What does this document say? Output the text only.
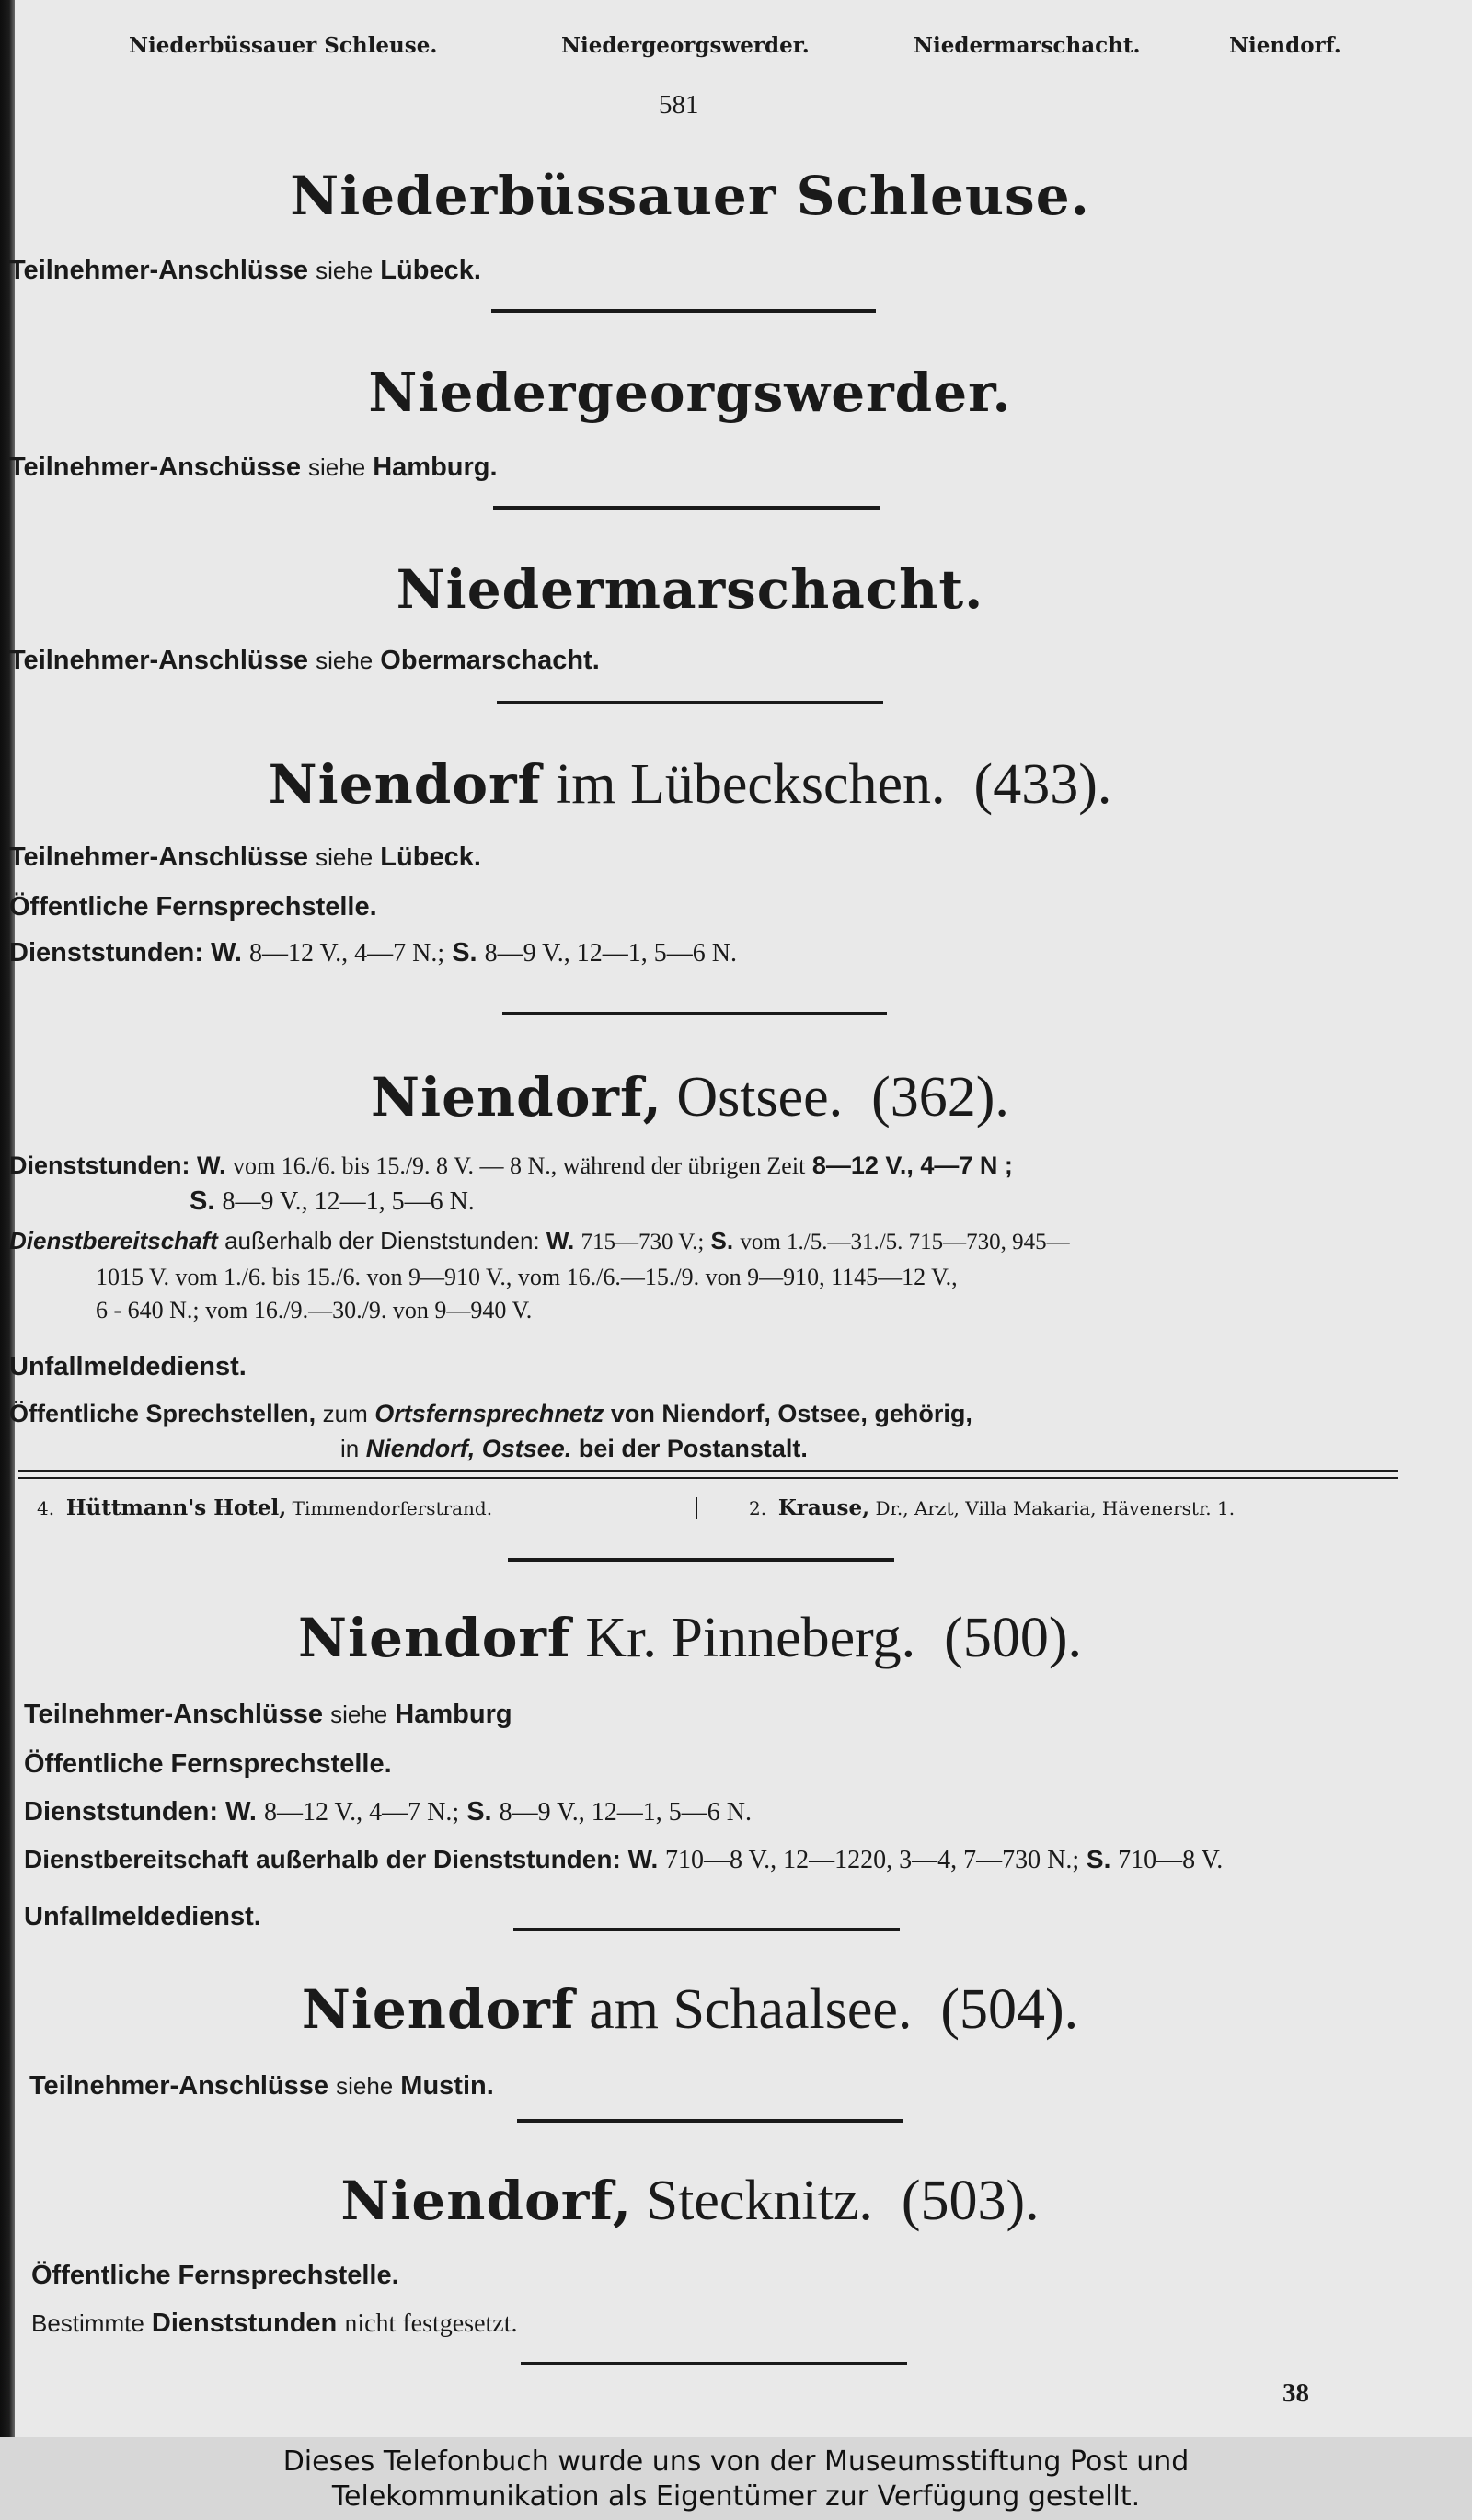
Niederbüssauer Schleuse.	Niedergeorgswerder.	Niedermarschacht.	Niendorf.
581
Niederbüssauer Schleuse.
Teilnehmer-Anschlüsse siehe Lübeck.
Niedergeorgswerder.
Teilnehmer-Anschüsse siehe Hamburg.
Niedermarschacht.
Teilnehmer-Anschlüsse siehe Obermarschacht.
Niendorf im Lübeckschen. (433).
Teilnehmer-Anschlüsse siehe Lübeck.
Öffentliche Fernsprechstelle.
Dienststunden: W. 8—12 V., 4—7 N.; S. 8—9 V., 12—1, 5—6 N.
Niendorf, Ostsee. (362).
Dienststunden: W. vom 16./6. bis 15./9. 8 V. — 8 N., während der übrigen Zeit 8—12 V., 4—7 N ;
S. 8—9 V., 12—1, 5—6 N.
Dienstbereitschaft außerhalb der Dienststunden: W. 715—730 V.; S. vom 1./5.—31./5. 715—730, 945—
1015 V. vom 1./6. bis 15./6. von 9—910 V., vom 16./6.—15./9. von 9—910, 1145—12 V.,
6 - 640 N.; vom 16./9.—30./9. von 9—940 V.
Unfallmeldedienst.
Öffentliche Sprechstellen, zum Ortsfernsprechnetz von Niendorf, Ostsee, gehörig,
in Niendorf, Ostsee. bei der Postanstalt.
4. Hüttmann's Hotel, Timmendorferstrand.	2. Krause, Dr., Arzt, Villa Makaria, Hävenerstr. 1.
Niendorf Kr. Pinneberg. (500).
Teilnehmer-Anschlüsse siehe Hamburg
Öffentliche Fernsprechstelle.
Dienststunden: W. 8—12 V., 4—7 N.; S. 8—9 V., 12—1, 5—6 N.
Dienstbereitschaft außerhalb der Dienststunden: W. 710—8 V., 12—1220, 3—4, 7—730 N.; S. 710—8 V.
Unfallmeldedienst.
Niendorf am Schaalsee. (504).
Teilnehmer-Anschlüsse siehe Mustin.
Niendorf, Stecknitz. (503).
Öffentliche Fernsprechstelle.
Bestimmte Dienststunden nicht festgesetzt.
38
Dieses Telefonbuch wurde uns von der Museumsstiftung Post und
Telekommunikation als Eigentümer zur Verfügung gestellt.
